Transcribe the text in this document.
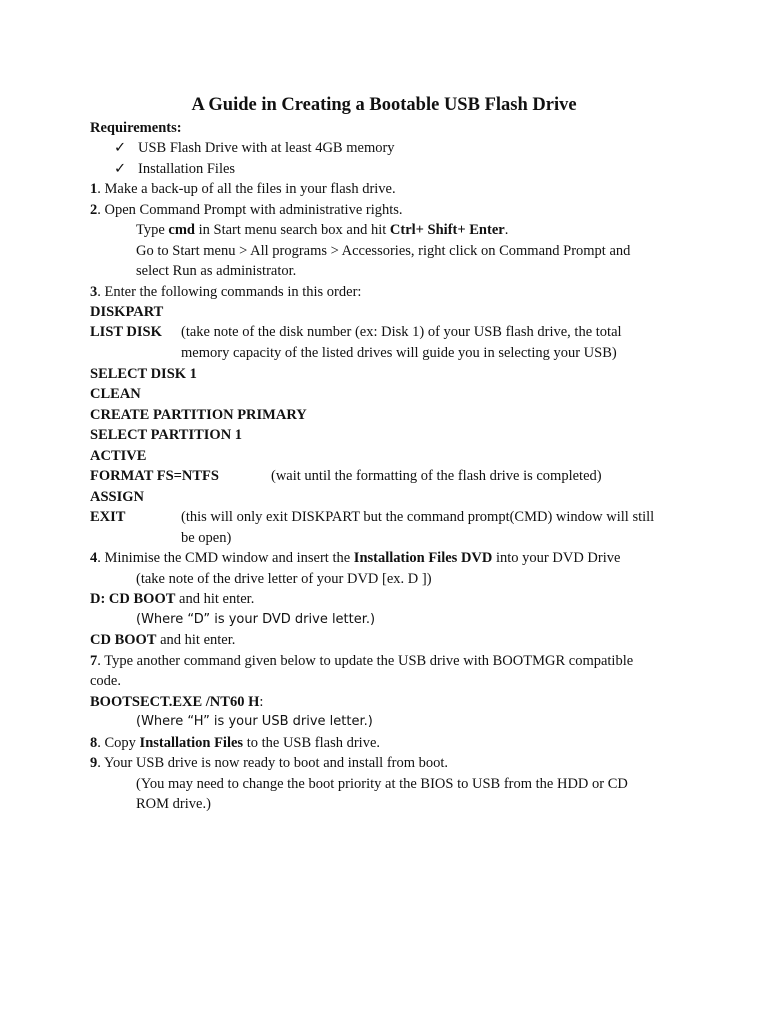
A Guide in Creating a Bootable USB Flash Drive
Requirements:
✓ USB Flash Drive with at least 4GB memory
✓ Installation Files
1. Make a back-up of all the files in your flash drive.
2. Open Command Prompt with administrative rights.
Type cmd in Start menu search box and hit Ctrl+ Shift+ Enter.
Go to Start menu > All programs > Accessories, right click on Command Prompt and
select Run as administrator.
3. Enter the following commands in this order:
DISKPART
LIST DISK (take note of the disk number (ex: Disk 1) of your USB flash drive, the total
memory capacity of the listed drives will guide you in selecting your USB)
SELECT DISK 1
CLEAN
CREATE PARTITION PRIMARY
SELECT PARTITION 1
ACTIVE
FORMAT FS=NTFS	(wait until the formatting of the flash drive is completed)
ASSIGN
EXIT	(this will only exit DISKPART but the command prompt(CMD) window will still
be open)
4. Minimise the CMD window and insert the Installation Files DVD into your DVD Drive
(take note of the drive letter of your DVD [ex. D ])
D: CD BOOT and hit enter.
(Where “D” is your DVD drive letter.)
CD BOOT and hit enter.
7. Type another command given below to update the USB drive with BOOTMGR compatible
code.
BOOTSECT.EXE /NT60 H:
(Where “H” is your USB drive letter.)
8. Copy Installation Files to the USB flash drive.
9. Your USB drive is now ready to boot and install from boot.
(You may need to change the boot priority at the BIOS to USB from the HDD or CD
ROM drive.)
